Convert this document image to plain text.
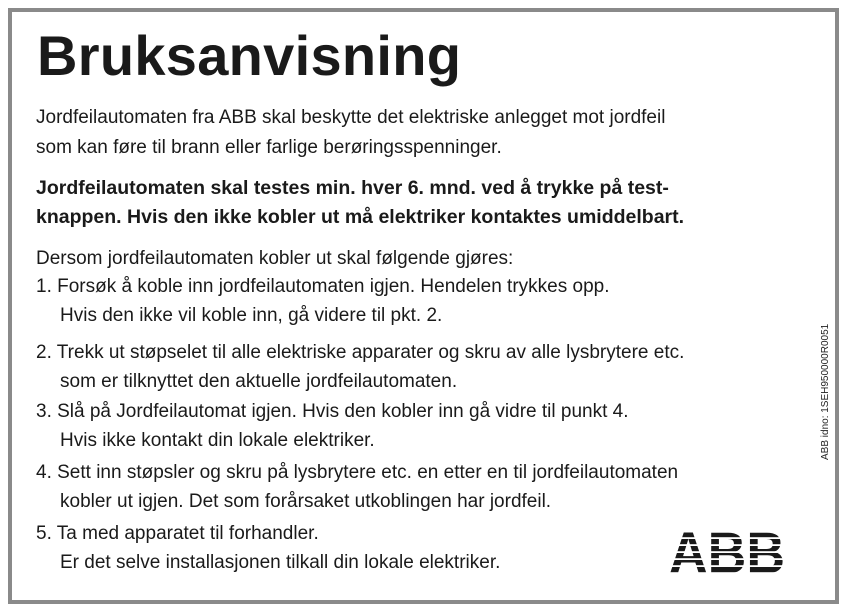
Bruksanvisning

Jordfeilautomaten fra ABB skal beskytte det elektriske anlegget mot jordfeil
som kan føre til brann eller farlige berøringsspenninger.

Jordfeilautomaten skal testes min. hver 6. mnd. ved å trykke på test-
knappen. Hvis den ikke kobler ut må elektriker kontaktes umiddelbart.

Dersom jordfeilautomaten kobler ut skal følgende gjøres:

1. Forsøk å koble inn jordfeilautomaten igjen. Hendelen trykkes opp.
Hvis den ikke vil koble inn, gå videre til pkt. 2.

2. Trekk ut støpselet til alle elektriske apparater og skru av alle lysbrytere etc.
som er tilknyttet den aktuelle jordfeilautomaten.

3. Slå på Jordfeilautomat igjen. Hvis den kobler inn gå vidre til punkt 4.
Hvis ikke kontakt din lokale elektriker.

4. Sett inn støpsler og skru på lysbrytere etc. en etter en til jordfeilautomaten
kobler ut igjen. Det som forårsaket utkoblingen har jordfeil.

5. Ta med apparatet til forhandler.
Er det selve installasjonen tilkall din lokale elektriker.

ABB idno: 1SEH950000R0051
ABB
